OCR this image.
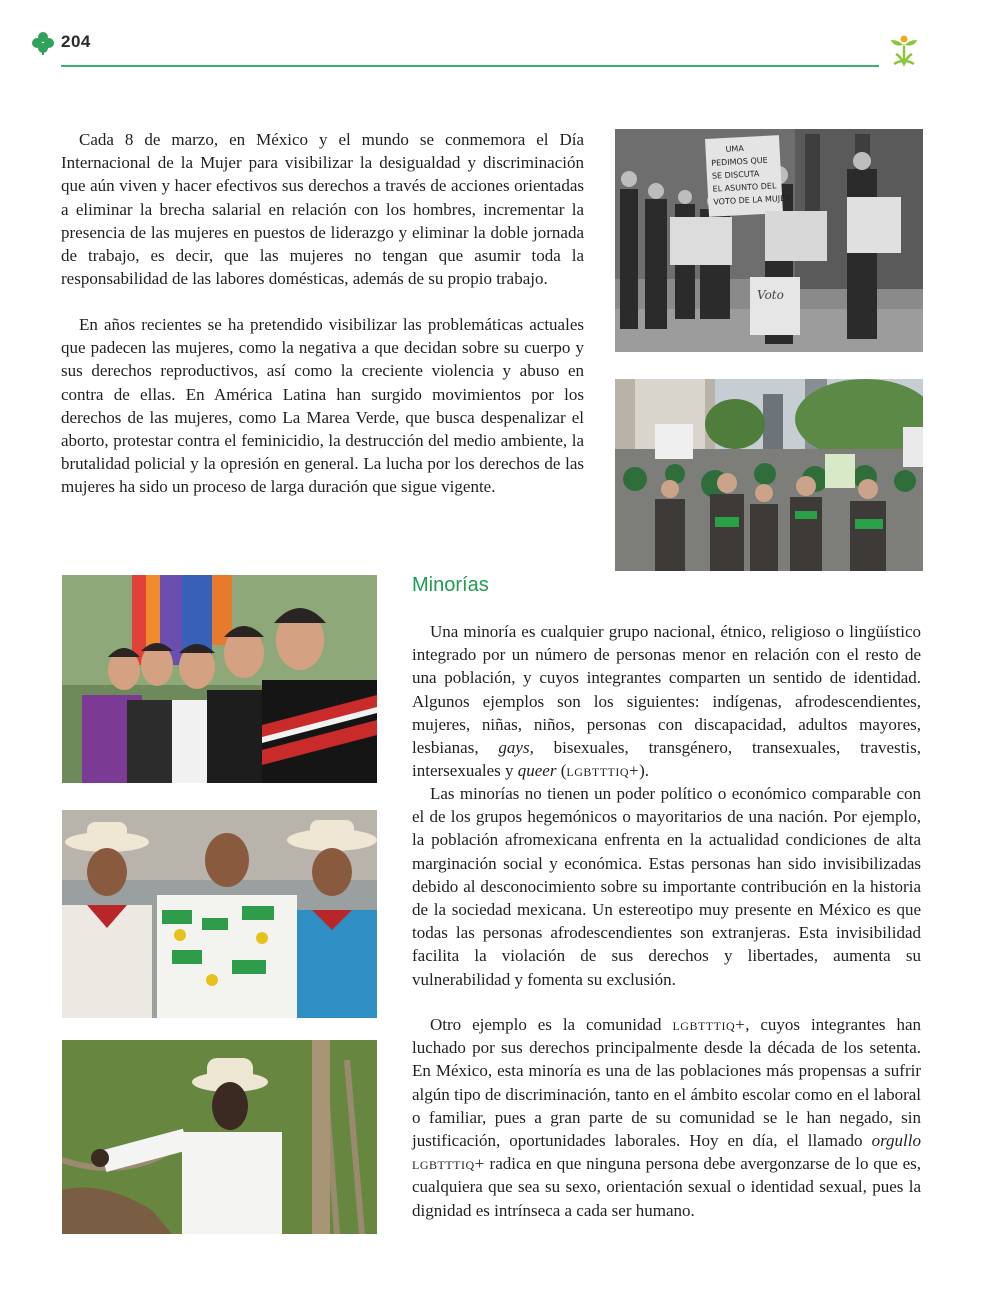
204

Cada 8 de marzo, en México y el mundo se conmemora el Día Internacional de la Mujer para visibilizar la desigualdad y discriminación que aún viven y hacer efectivos sus derechos a través de acciones orientadas a eliminar la brecha salarial en relación con los hombres, incrementar la presencia de las mujeres en puestos de liderazgo y eliminar la doble jornada de trabajo, es decir, que las mujeres no tengan que asumir toda la responsabilidad de las labores domésticas, además de su propio trabajo.

En años recientes se ha pretendido visibilizar las problemáticas actuales que padecen las mujeres, como la negativa a que decidan sobre su cuerpo y sus derechos reproductivos, así como la creciente violencia y abuso en contra de ellas. En América Latina han surgido movimientos por los derechos de las mujeres, como La Marea Verde, que busca despenalizar el aborto, protestar contra el feminicidio, la destrucción del medio ambiente, la brutalidad policial y la opresión en general. La lucha por los derechos de las mujeres ha sido un proceso de larga duración que sigue vigente.

UMA PEDIMOS QUE SE DISCUTA EL ASUNTO DEL VOTO DE LA MUJER
Voto
Minorías

Una minoría es cualquier grupo nacional, étnico, religioso o lingüístico integrado por un número de personas menor en relación con el resto de una población, y cuyos integrantes comparten un sentido de identidad. Algunos ejemplos son los siguientes: indígenas, afrodescendientes, mujeres, niñas, niños, personas con discapacidad, adultos mayores, lesbianas, gays, bisexuales, transgénero, transexuales, travestis, intersexuales y queer (lgbtttiq+).

Las minorías no tienen un poder político o económico comparable con el de los grupos hegemónicos o mayoritarios de una nación. Por ejemplo, la población afromexicana enfrenta en la actualidad condiciones de alta marginación social y económica. Estas personas han sido invisibilizadas debido al desconocimiento sobre su importante contribución en la historia de la sociedad mexicana. Un estereotipo muy presente en México es que todas las personas afrodescendientes son extranjeras. Esta invisibilidad facilita la violación de sus derechos y libertades, aumenta su vulnerabilidad y fomenta su exclusión.

Otro ejemplo es la comunidad lgbtttiq+, cuyos integrantes han luchado por sus derechos principalmente desde la década de los setenta. En México, esta minoría es una de las poblaciones más propensas a sufrir algún tipo de discriminación, tanto en el ámbito escolar como en el laboral o familiar, pues a gran parte de su comunidad se le han negado, sin justificación, oportunidades laborales. Hoy en día, el llamado orgullo lgbtttiq+ radica en que ninguna persona debe avergonzarse de lo que es, cualquiera que sea su sexo, orientación sexual o identidad sexual, pues la dignidad es intrínseca a cada ser humano.
